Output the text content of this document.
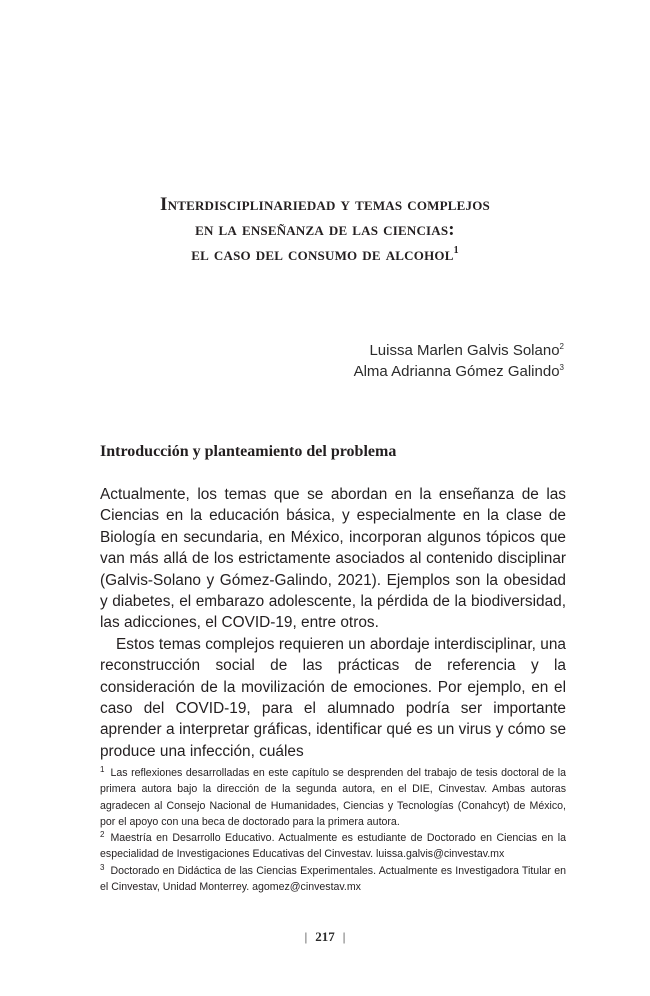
Interdisciplinariedad y temas complejos
en la enseñanza de las ciencias:
el caso del consumo de alcohol$^1$
Luissa Marlen Galvis Solano$^2$
Alma Adrianna Gómez Galindo$^3$
Introducción y planteamiento del problema

Actualmente, los temas que se abordan en la enseñanza de las Ciencias en la educación básica, y especialmente en la clase de Biología en secundaria, en México, incorporan algunos tópicos que van más allá de los estrictamente asociados al contenido disciplinar (Galvis-Solano y Gómez-Galindo, 2021). Ejemplos son la obesidad y diabetes, el embarazo adolescente, la pérdida de la biodiversidad, las adicciones, el COVID-19, entre otros.

Estos temas complejos requieren un abordaje interdisciplinar, una reconstrucción social de las prácticas de referencia y la consideración de la movilización de emociones. Por ejemplo, en el caso del COVID-19, para el alumnado podría ser importante aprender a interpretar gráficas, identificar qué es un virus y cómo se produce una infección, cuáles

$^1$ Las reflexiones desarrolladas en este capítulo se desprenden del trabajo de tesis doctoral de la primera autora bajo la dirección de la segunda autora, en el DIE, Cinvestav. Ambas autoras agradecen al Consejo Nacional de Humanidades, Ciencias y Tecnologías (Conahcyt) de México, por el apoyo con una beca de doctorado para la primera autora.

$^2$ Maestría en Desarrollo Educativo. Actualmente es estudiante de Doctorado en Ciencias en la especialidad de Investigaciones Educativas del Cinvestav. luissa.galvis@cinvestav.mx

$^3$ Doctorado en Didáctica de las Ciencias Experimentales. Actualmente es Investigadora Titular en el Cinvestav, Unidad Monterrey. agomez@cinvestav.mx

| 217 |
